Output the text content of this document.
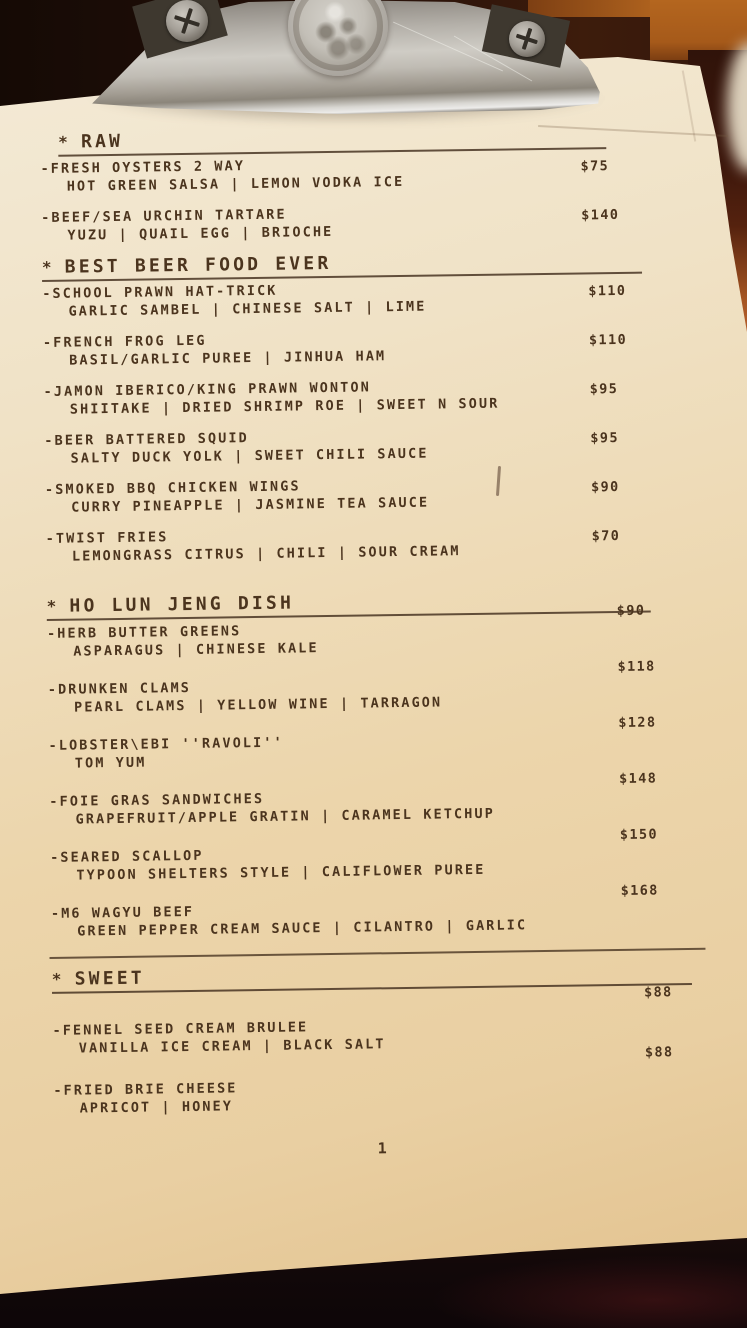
* RAW
-FRESH OYSTERS 2 WAY
HOT GREEN SALSA | LEMON VODKA ICE
$75
-BEEF/SEA URCHIN TARTARE
YUZU | QUAIL EGG | BRIOCHE
$140
* BEST BEER FOOD EVER
-SCHOOL PRAWN HAT-TRICK
GARLIC SAMBEL | CHINESE SALT | LIME
$110
-FRENCH FROG LEG
BASIL/GARLIC PUREE | JINHUA HAM
$110
-JAMON IBERICO/KING PRAWN WONTON
SHIITAKE | DRIED SHRIMP ROE | SWEET N SOUR
$95
-BEER BATTERED SQUID
SALTY DUCK YOLK | SWEET CHILI SAUCE
$95
-SMOKED BBQ CHICKEN WINGS
CURRY PINEAPPLE | JASMINE TEA SAUCE
$90
-TWIST FRIES
LEMONGRASS CITRUS | CHILI | SOUR CREAM
$70
* HO LUN JENG DISH
-HERB BUTTER GREENS
ASPARAGUS | CHINESE KALE
$90
-DRUNKEN CLAMS
PEARL CLAMS | YELLOW WINE | TARRAGON
$118
-LOBSTER\EBI ''RAVOLI''
TOM YUM
$128
-FOIE GRAS SANDWICHES
GRAPEFRUIT/APPLE GRATIN | CARAMEL KETCHUP
$148
-SEARED SCALLOP
TYPOON SHELTERS STYLE | CALIFLOWER PUREE
$150
-M6 WAGYU BEEF
GREEN PEPPER CREAM SAUCE | CILANTRO | GARLIC
$168
* SWEET
-FENNEL SEED CREAM BRULEE
VANILLA ICE CREAM | BLACK SALT
$88
-FRIED BRIE CHEESE
APRICOT | HONEY
$88
1
